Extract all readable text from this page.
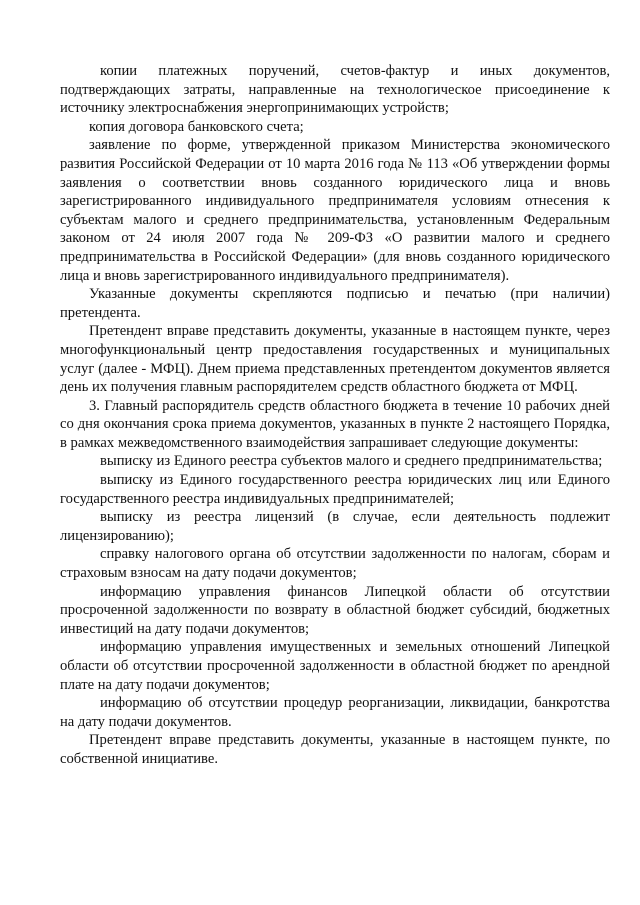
копии платежных поручений, счетов-фактур и иных документов, подтверждающих затраты, направленные на технологическое присоединение к источнику электроснабжения энергопринимающих устройств;

копия договора банковского счета;

заявление по форме, утвержденной приказом Министерства экономического развития Российской Федерации от 10 марта 2016 года № 113 «Об утверждении формы заявления о соответствии вновь созданного юридического лица и вновь зарегистрированного индивидуального предпринимателя условиям отнесения к субъектам малого и среднего предпринимательства, установленным Федеральным законом от 24 июля 2007 года № 209-ФЗ «О развитии малого и среднего предпринимательства в Российской Федерации» (для вновь созданного юридического лица и вновь зарегистрированного индивидуального предпринимателя).

Указанные документы скрепляются подписью и печатью (при наличии) претендента.

Претендент вправе представить документы, указанные в настоящем пункте, через многофункциональный центр предоставления государственных и муниципальных услуг (далее - МФЦ). Днем приема представленных претендентом документов является день их получения главным распорядителем средств областного бюджета от МФЦ.

3. Главный распорядитель средств областного бюджета в течение 10 рабочих дней со дня окончания срока приема документов, указанных в пункте 2 настоящего Порядка, в рамках межведомственного взаимодействия запрашивает следующие документы:

выписку из Единого реестра субъектов малого и среднего предпринимательства;

выписку из Единого государственного реестра юридических лиц или Единого государственного реестра индивидуальных предпринимателей;

выписку из реестра лицензий (в случае, если деятельность подлежит лицензированию);

справку налогового органа об отсутствии задолженности по налогам, сборам и страховым взносам на дату подачи документов;

информацию управления финансов Липецкой области об отсутствии просроченной задолженности по возврату в областной бюджет субсидий, бюджетных инвестиций на дату подачи документов;

информацию управления имущественных и земельных отношений Липецкой области об отсутствии просроченной задолженности в областной бюджет по арендной плате на дату подачи документов;

информацию об отсутствии процедур реорганизации, ликвидации, банкротства на дату подачи документов.

Претендент вправе представить документы, указанные в настоящем пункте, по собственной инициативе.
